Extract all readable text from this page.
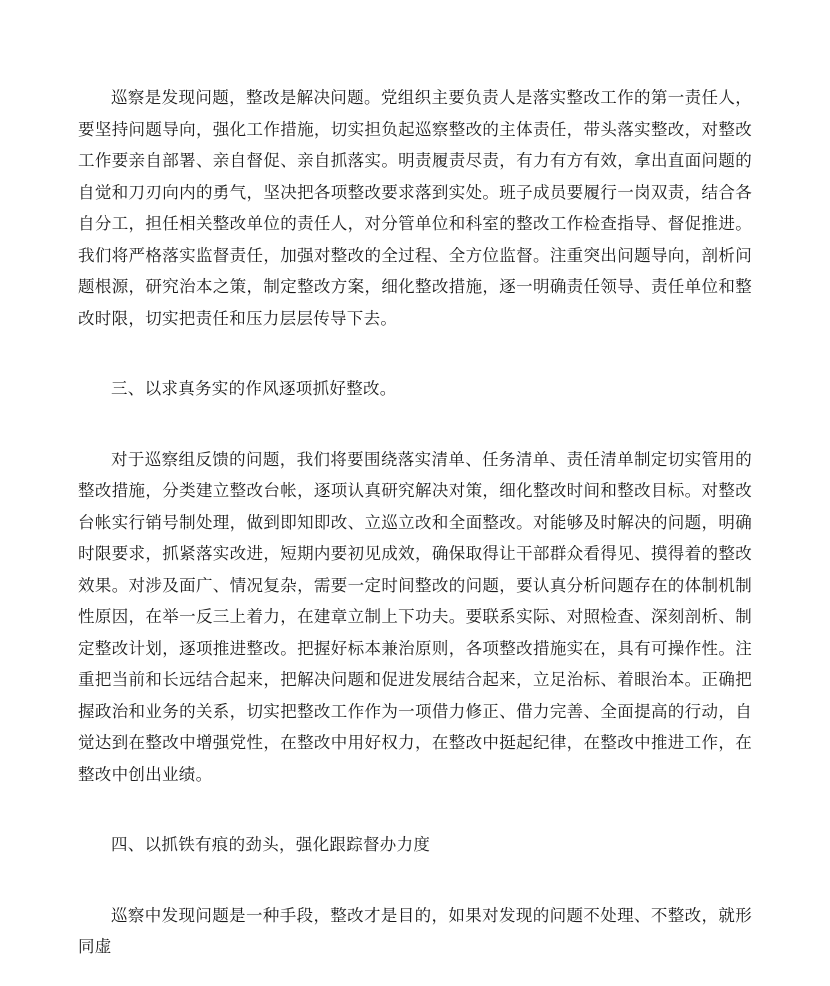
巡察是发现问题，整改是解决问题。党组织主要负责人是落实整改工作的第一责任人，要坚持问题导向，强化工作措施，切实担负起巡察整改的主体责任，带头落实整改，对整改工作要亲自部署、亲自督促、亲自抓落实。明责履责尽责，有力有方有效，拿出直面问题的自觉和刀刃向内的勇气，坚决把各项整改要求落到实处。班子成员要履行一岗双责，结合各自分工，担任相关整改单位的责任人，对分管单位和科室的整改工作检查指导、督促推进。我们将严格落实监督责任，加强对整改的全过程、全方位监督。注重突出问题导向，剖析问题根源，研究治本之策，制定整改方案，细化整改措施，逐一明确责任领导、责任单位和整改时限，切实把责任和压力层层传导下去。

三、以求真务实的作风逐项抓好整改。

对于巡察组反馈的问题，我们将要围绕落实清单、任务清单、责任清单制定切实管用的整改措施，分类建立整改台帐，逐项认真研究解决对策，细化整改时间和整改目标。对整改台帐实行销号制处理，做到即知即改、立巡立改和全面整改。对能够及时解决的问题，明确时限要求，抓紧落实改进，短期内要初见成效，确保取得让干部群众看得见、摸得着的整改效果。对涉及面广、情况复杂，需要一定时间整改的问题，要认真分析问题存在的体制机制性原因，在举一反三上着力，在建章立制上下功夫。要联系实际、对照检查、深刻剖析、制定整改计划，逐项推进整改。把握好标本兼治原则，各项整改措施实在，具有可操作性。注重把当前和长远结合起来，把解决问题和促进发展结合起来，立足治标、着眼治本。正确把握政治和业务的关系，切实把整改工作作为一项借力修正、借力完善、全面提高的行动，自觉达到在整改中增强党性，在整改中用好权力，在整改中挺起纪律，在整改中推进工作，在整改中创出业绩。

四、以抓铁有痕的劲头，强化跟踪督办力度

巡察中发现问题是一种手段，整改才是目的，如果对发现的问题不处理、不整改，就形同虚
